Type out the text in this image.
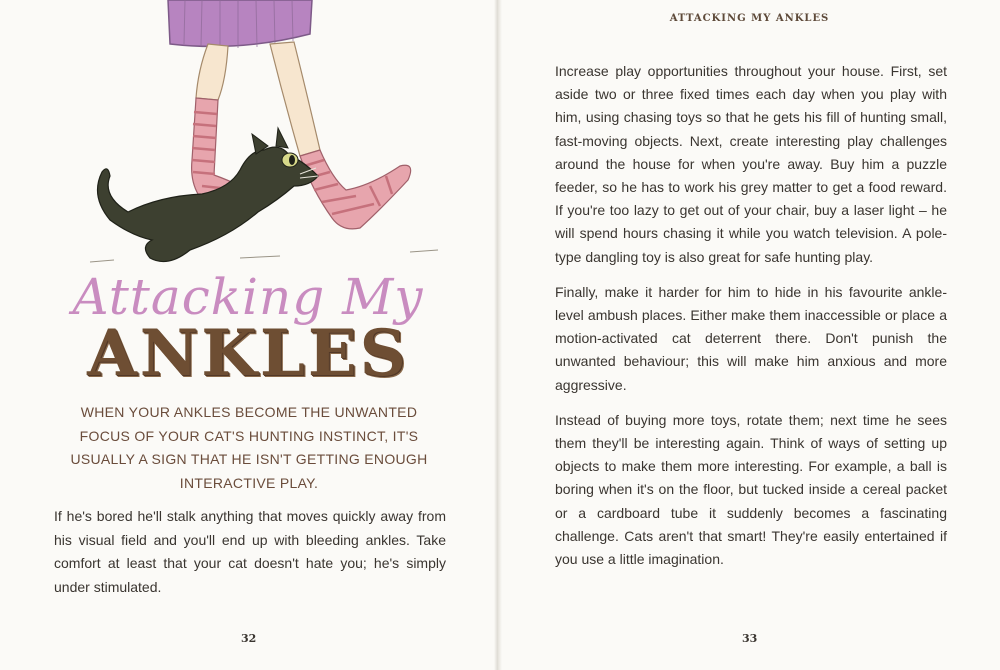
Attacking My
ANKLES
WHEN YOUR ANKLES BECOME THE UNWANTED FOCUS OF YOUR CAT'S HUNTING INSTINCT, IT'S USUALLY A SIGN THAT HE ISN'T GETTING ENOUGH INTERACTIVE PLAY.

If he's bored he'll stalk anything that moves quickly away from his visual field and you'll end up with bleeding ankles. Take comfort at least that your cat doesn't hate you; he's simply under stimulated.

32
ATTACKING MY ANKLES

Increase play opportunities throughout your house. First, set aside two or three fixed times each day when you play with him, using chasing toys so that he gets his fill of hunting small, fast-moving objects. Next, create interesting play challenges around the house for when you're away. Buy him a puzzle feeder, so he has to work his grey matter to get a food reward. If you're too lazy to get out of your chair, buy a laser light – he will spend hours chasing it while you watch television. A pole-type dangling toy is also great for safe hunting play.

Finally, make it harder for him to hide in his favourite ankle-level ambush places. Either make them inaccessible or place a motion-activated cat deterrent there. Don't punish the unwanted behaviour; this will make him anxious and more aggressive.

Instead of buying more toys, rotate them; next time he sees them they'll be interesting again. Think of ways of setting up objects to make them more interesting. For example, a ball is boring when it's on the floor, but tucked inside a cereal packet or a cardboard tube it suddenly becomes a fascinating challenge. Cats aren't that smart! They're easily entertained if you use a little imagination.

33
